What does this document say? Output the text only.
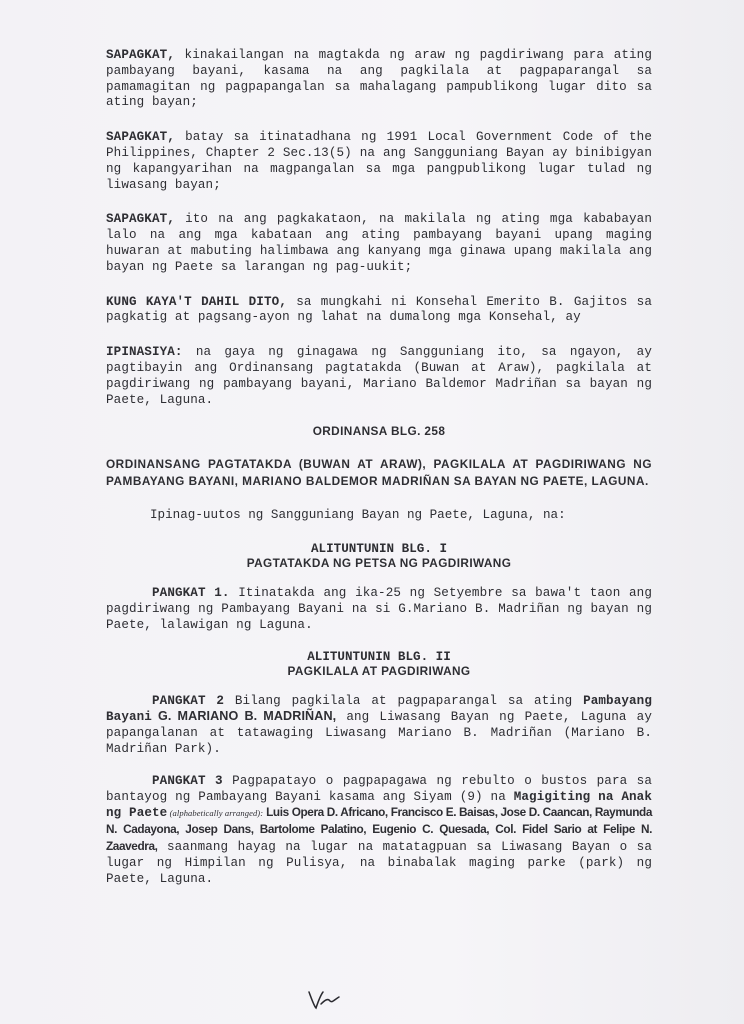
SAPAGKAT, kinakailangan na magtakda ng araw ng pagdiriwang para ating pambayang bayani, kasama na ang pagkilala at pagpaparangal sa pamamagitan ng pagpapangalan sa mahalagang pampublikong lugar dito sa ating bayan;

SAPAGKAT, batay sa itinatadhana ng 1991 Local Government Code of the Philippines, Chapter 2 Sec.13(5) na ang Sangguniang Bayan ay binibigyan ng kapangyarihan na magpangalan sa mga pangpublikong lugar tulad ng liwasang bayan;

SAPAGKAT, ito na ang pagkakataon, na makilala ng ating mga kababayan lalo na ang mga kabataan ang ating pambayang bayani upang maging huwaran at mabuting halimbawa ang kanyang mga ginawa upang makilala ang bayan ng Paete sa larangan ng pag-uukit;

KUNG KAYA'T DAHIL DITO, sa mungkahi ni Konsehal Emerito B. Gajitos sa pagkatig at pagsang-ayon ng lahat na dumalong mga Konsehal, ay

IPINASIYA: na gaya ng ginagawa ng Sangguniang ito, sa ngayon, ay pagtibayin ang Ordinansang pagtatakda (Buwan at Araw), pagkilala at pagdiriwang ng pambayang bayani, Mariano Baldemor Madriñan sa bayan ng Paete, Laguna.

ORDINANSA BLG. 258

ORDINANSANG PAGTATAKDA (BUWAN AT ARAW), PAGKILALA AT PAGDIRIWANG NG PAMBAYANG BAYANI, MARIANO BALDEMOR MADRIÑAN SA BAYAN NG PAETE, LAGUNA.

Ipinag-uutos ng Sangguniang Bayan ng Paete, Laguna, na:

ALITUNTUNIN BLG. I

PAGTATAKDA NG PETSA NG PAGDIRIWANG

PANGKAT 1. Itinatakda ang ika-25 ng Setyembre sa bawa't taon ang pagdiriwang ng Pambayang Bayani na si G.Mariano B. Madriñan ng bayan ng Paete, lalawigan ng Laguna.

ALITUNTUNIN BLG. II

PAGKILALA AT PAGDIRIWANG

PANGKAT 2 Bilang pagkilala at pagpaparangal sa ating Pambayang Bayani G. MARIANO B. MADRIÑAN, ang Liwasang Bayan ng Paete, Laguna ay papangalanan at tatawaging Liwasang Mariano B. Madriñan (Mariano B. Madriñan Park).

PANGKAT 3 Pagpapatayo o pagpapagawa ng rebulto o bustos para sa bantayog ng Pambayang Bayani kasama ang Siyam (9) na Magigiting na Anak ng Paete (alphabetically arranged): Luis Opera D. Africano, Francisco E. Baisas, Jose D. Caancan, Raymunda N. Cadayona, Josep Dans, Bartolome Palatino, Eugenio C. Quesada, Col. Fidel Sario at Felipe N. Zaavedra, saanmang hayag na lugar na matatagpuan sa Liwasang Bayan o sa lugar ng Himpilan ng Pulisya, na binabalak maging parke (park) ng Paete, Laguna.
